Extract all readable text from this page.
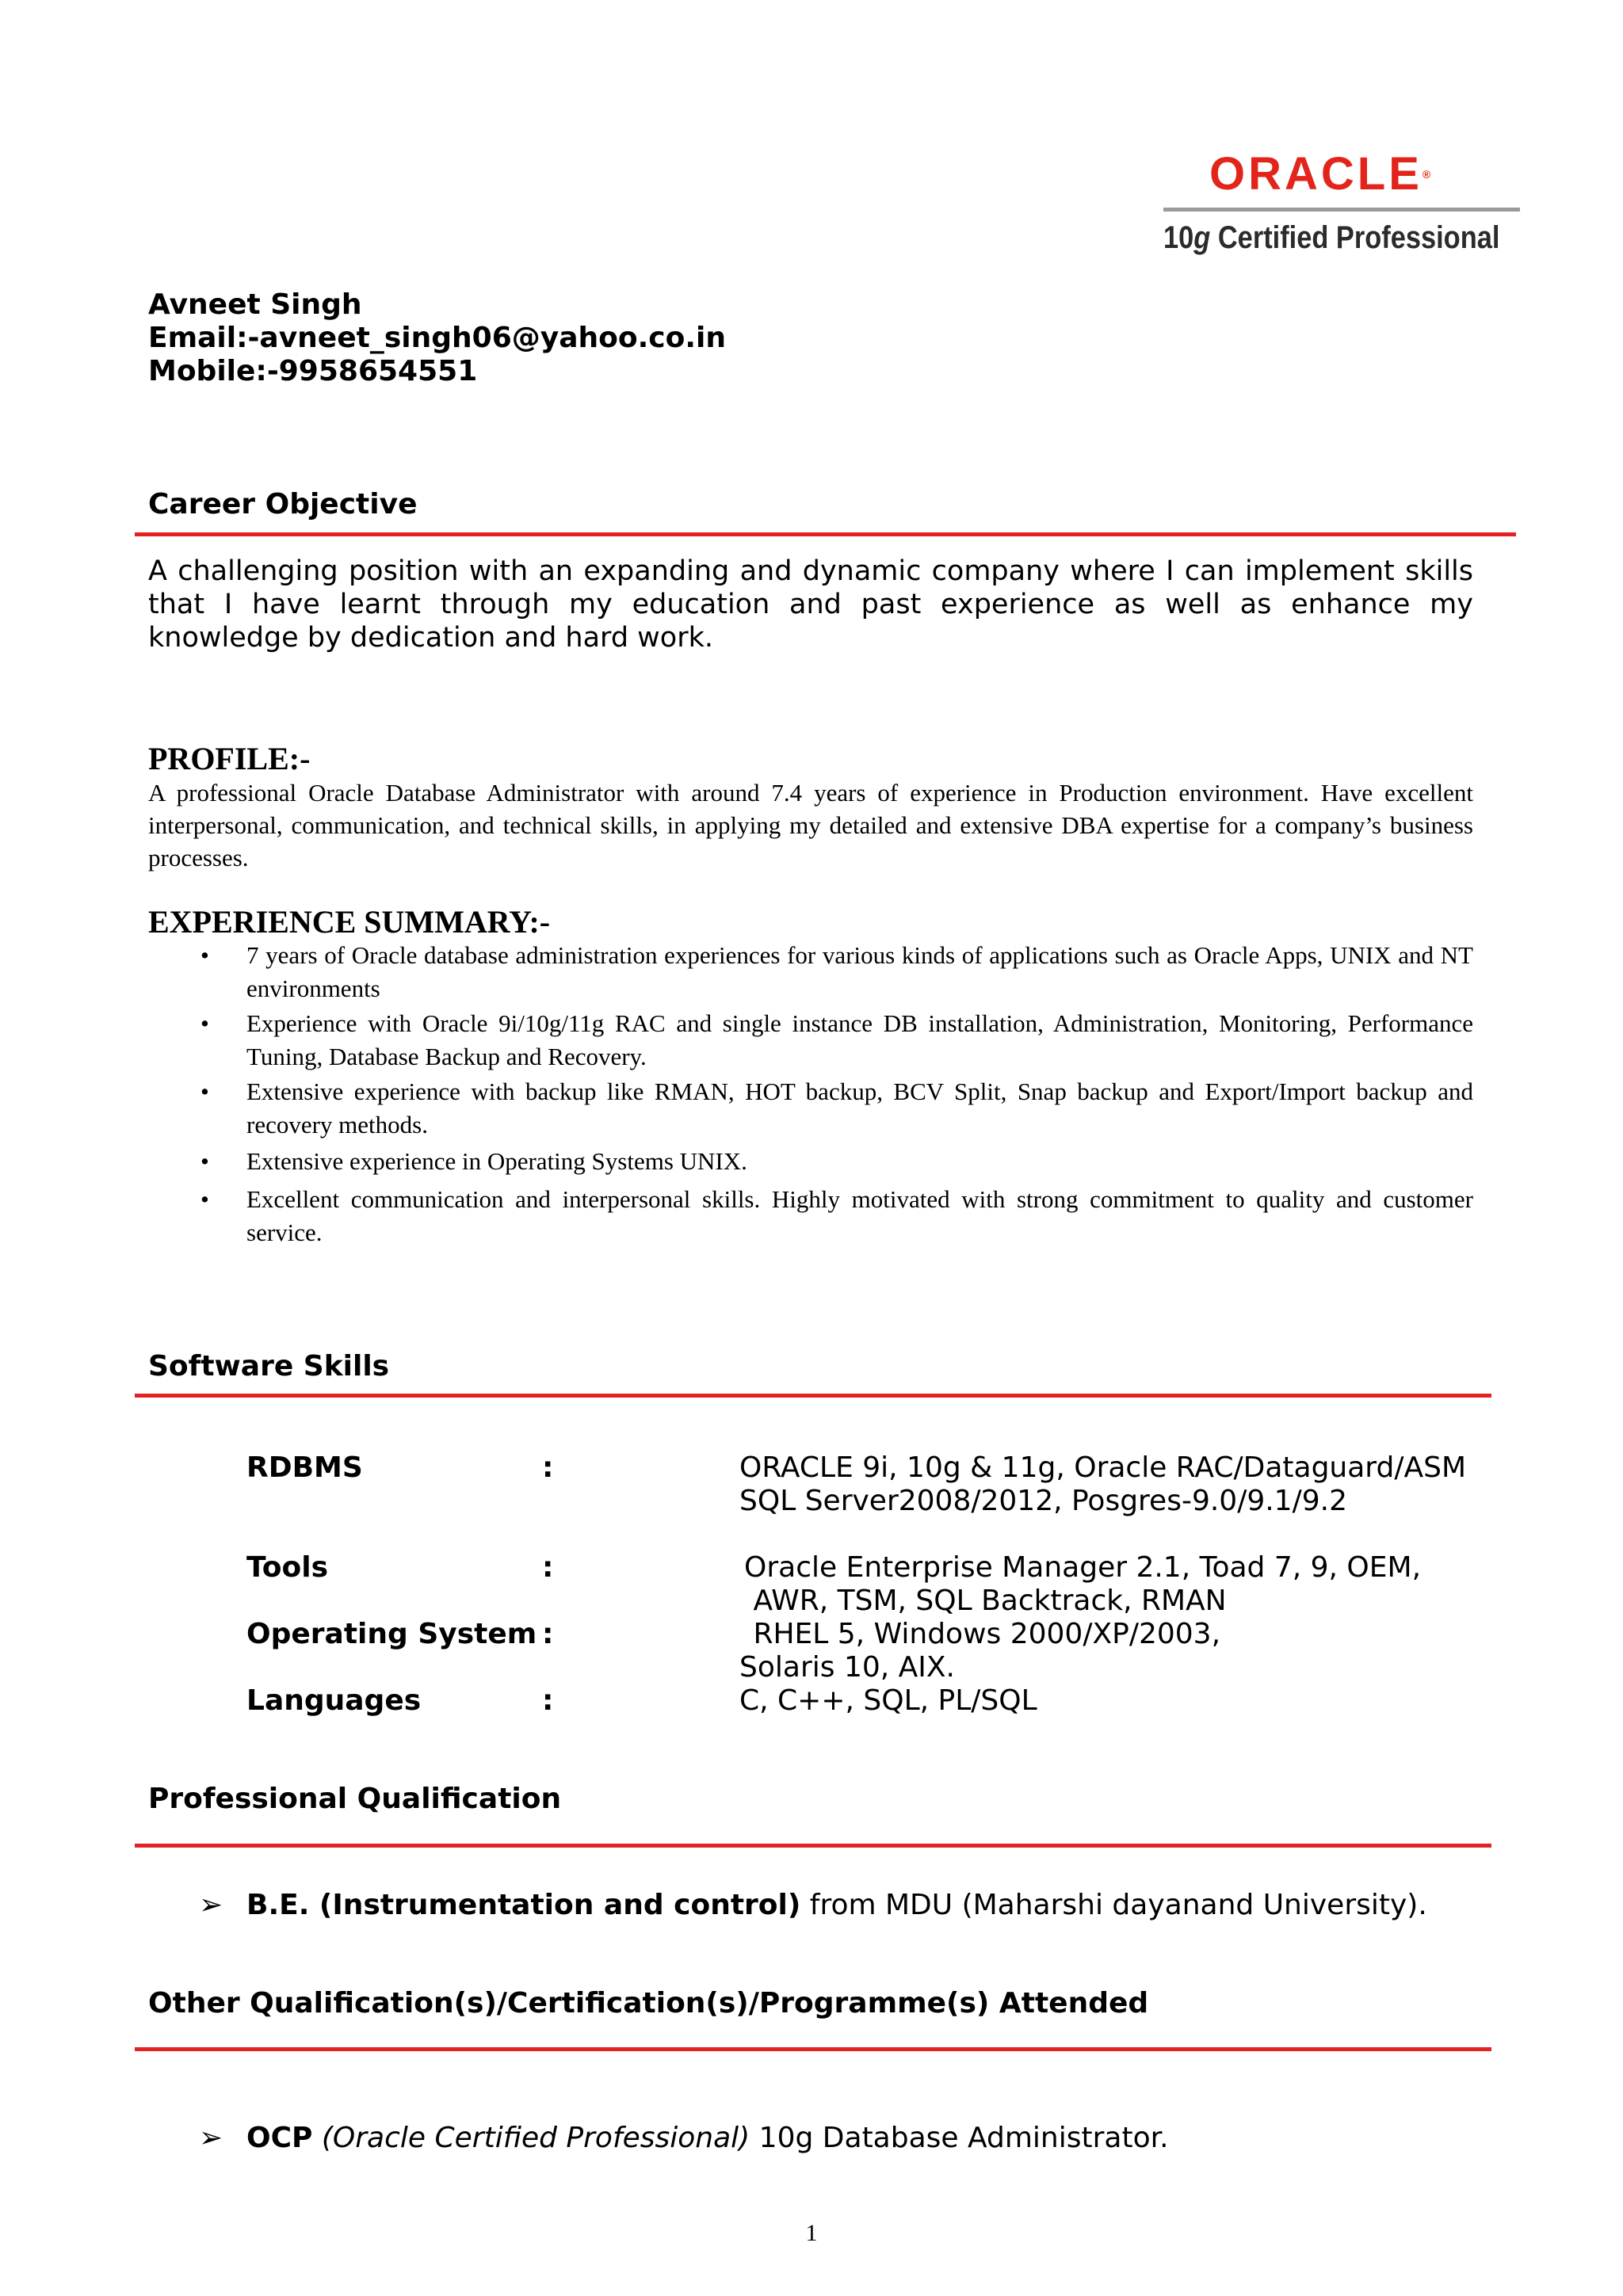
ORACLE®
10g Certified Professional
Avneet Singh
Email:-avneet_singh06@yahoo.co.in
Mobile:-9958654551
Career Objective
A challenging position with an expanding and dynamic company where I can implement skills that I have learnt through my education and past experience as well as enhance my knowledge by dedication and hard work.
PROFILE:-
A professional Oracle Database Administrator with around 7.4 years of experience in Production environment. Have excellent interpersonal, communication, and technical skills, in applying my detailed and extensive DBA expertise for a company’s business processes.
EXPERIENCE SUMMARY:-
• 7 years of Oracle database administration experiences for various kinds of applications such as Oracle Apps, UNIX and NT environments
• Experience with Oracle 9i/10g/11g RAC and single instance DB installation, Administration, Monitoring, Performance Tuning, Database Backup and Recovery.
• Extensive experience with backup like RMAN, HOT backup, BCV Split, Snap backup and Export/Import backup and recovery methods.
• Extensive experience in Operating Systems UNIX.
• Excellent communication and interpersonal skills. Highly motivated with strong commitment to quality and customer service.
Software Skills
RDBMS	:	ORACLE 9i, 10g & 11g, Oracle RAC/Dataguard/ASM
SQL Server2008/2012, Posgres-9.0/9.1/9.2
Tools	:	Oracle Enterprise Manager 2.1, Toad 7, 9, OEM,
AWR, TSM, SQL Backtrack, RMAN
Operating System :	RHEL 5, Windows 2000/XP/2003,
Solaris 10, AIX.
Languages	:	C, C++, SQL, PL/SQL
Professional Qualification
➢ B.E. (Instrumentation and control) from MDU (Maharshi dayanand University).
Other Qualification(s)/Certification(s)/Programme(s) Attended
➢ OCP (Oracle Certified Professional) 10g Database Administrator.
1
